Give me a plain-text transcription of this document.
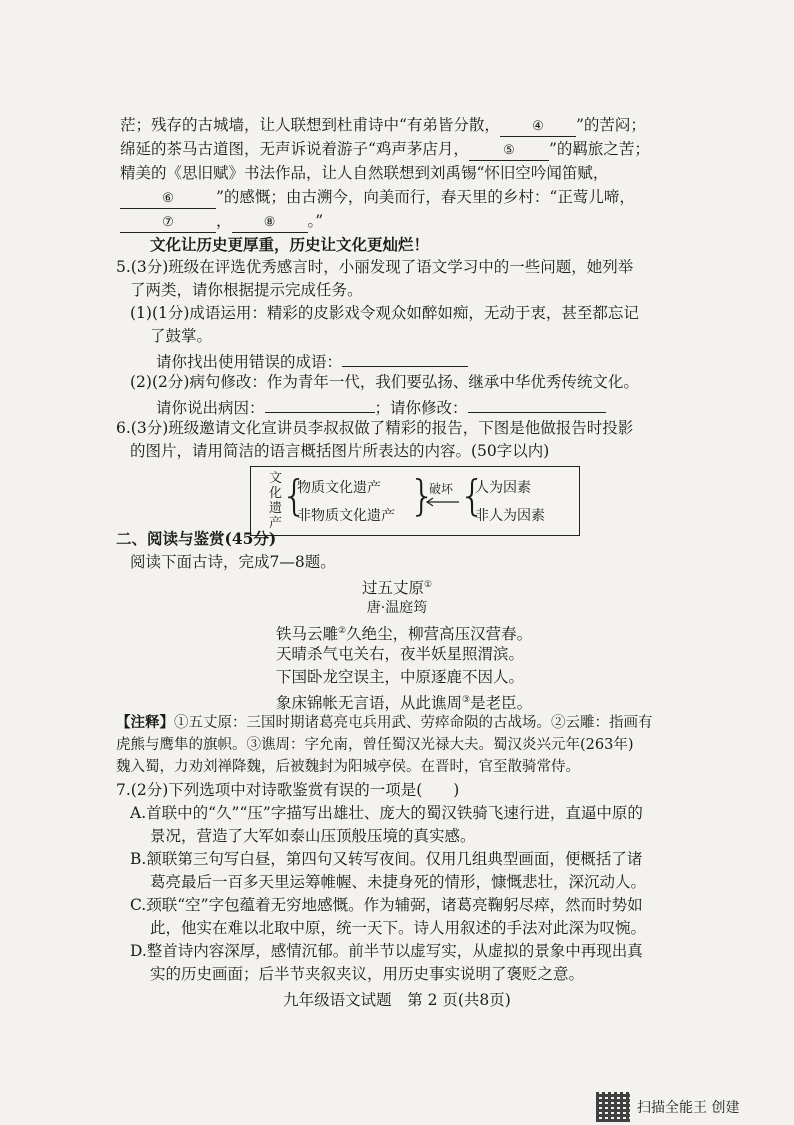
茫；残存的古城墙，让人联想到杜甫诗中“有弟皆分散， ④ ”的苦闷；
绵延的茶马古道图，无声诉说着游子“鸡声茅店月，	⑤ ”的羁旅之苦；
精美的《思旧赋》书法作品，让人自然联想到刘禹锡“怀旧空吟闻笛赋，
⑥	”的感慨；由古溯今，向美而行，春天里的乡村：“正莺儿啼，
⑦	， ⑧ 。”
文化让历史更厚重，历史让文化更灿烂！
5.(3分)班级在评选优秀感言时，小丽发现了语文学习中的一些问题，她列举
了两类，请你根据提示完成任务。
(1)(1分)成语运用：精彩的皮影戏令观众如醉如痴，无动于衷，甚至都忘记
了鼓掌。
请你找出使用错误的成语：
(2)(2分)病句修改：作为青年一代，我们要弘扬、继承中华优秀传统文化。
请你说出病因：	；请你修改：
6.(3分)班级邀请文化宣讲员李叔叔做了精彩的报告，下图是他做报告时投影
的图片，请用简洁的语言概括图片所表达的内容。(50字以内)
文
化
遗
产
{
物质文化遗产
非物质文化遗产 }
破坏 {
人为因素
非人为因素
二、阅读与鉴赏(45分)
阅读下面古诗，完成7—8题。
过五丈原①
唐·温庭筠
铁马云雕②久绝尘，柳营高压汉营春。
天晴杀气屯关右，夜半妖星照渭滨。
下国卧龙空误主，中原逐鹿不因人。
象床锦帐无言语，从此谯周③是老臣。
【注释】①五丈原：三国时期诸葛亮屯兵用武、劳瘁命陨的古战场。②云雕：指画有
虎熊与鹰隼的旗帜。③谯周：字允南，曾任蜀汉光禄大夫。蜀汉炎兴元年(263年)
魏入蜀，力劝刘禅降魏，后被魏封为阳城亭侯。在晋时，官至散骑常侍。
7.(2分)下列选项中对诗歌鉴赏有误的一项是(　　)
A.首联中的“久”“压”字描写出雄壮、庞大的蜀汉铁骑飞速行进，直逼中原的
景况，营造了大军如泰山压顶般压境的真实感。
B.颔联第三句写白昼，第四句又转写夜间。仅用几组典型画面，便概括了诸
葛亮最后一百多天里运筹帷幄、未捷身死的情形，慷慨悲壮，深沉动人。
C.颈联“空”字包蕴着无穷地感慨。作为辅弼，诸葛亮鞠躬尽瘁，然而时势如
此，他实在难以北取中原，统一天下。诗人用叙述的手法对此深为叹惋。
D.整首诗内容深厚，感情沉郁。前半节以虚写实，从虚拟的景象中再现出真
实的历史画面；后半节夹叙夹议，用历史事实说明了褒贬之意。
九年级语文试题　第 2 页(共8页)
扫描全能王 创建
